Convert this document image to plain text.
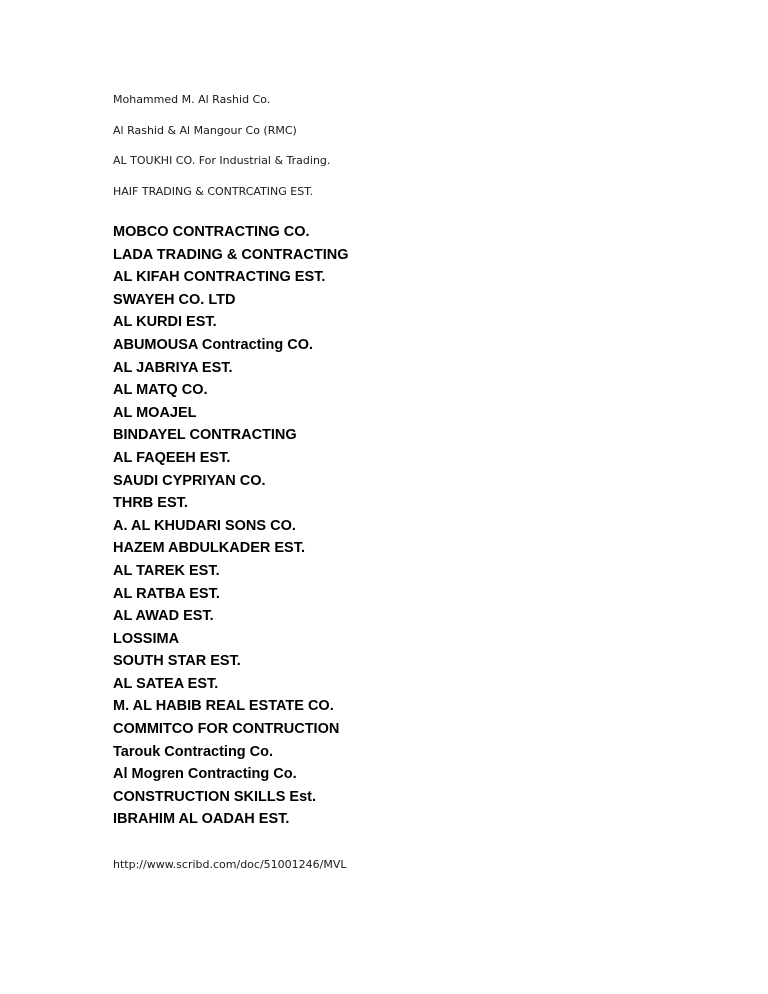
Mohammed M. Al Rashid Co.
Al Rashid & Al Mangour Co (RMC)
AL TOUKHI CO. For Industrial & Trading.
HAIF TRADING & CONTRCATING EST.
MOBCO CONTRACTING CO.
LADA TRADING & CONTRACTING
AL KIFAH CONTRACTING EST.
SWAYEH CO. LTD
AL KURDI EST.
ABUMOUSA Contracting CO.
AL JABRIYA EST.
AL MATQ CO.
AL MOAJEL
BINDAYEL CONTRACTING
AL FAQEEH EST.
SAUDI CYPRIYAN CO.
THRB EST.
A. AL KHUDARI SONS CO.
HAZEM ABDULKADER EST.
AL TAREK EST.
AL RATBA EST.
AL AWAD EST.
LOSSIMA
SOUTH STAR EST.
AL SATEA EST.
M. AL HABIB REAL ESTATE CO.
COMMITCO FOR CONTRUCTION
Tarouk Contracting Co.
Al Mogren Contracting Co.
CONSTRUCTION SKILLS Est.
IBRAHIM AL OADAH EST.

http://www.scribd.com/doc/51001246/MVL
